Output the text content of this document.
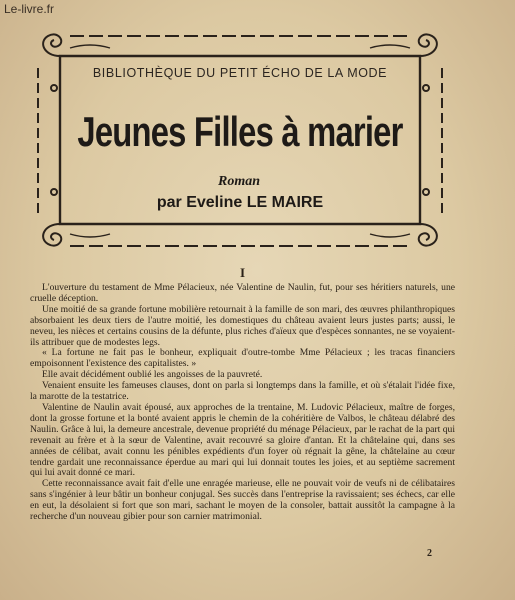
Le-livre.fr
BIBLIOTHÈQUE DU PETIT ÉCHO DE LA MODE
Jeunes Filles à marier
Roman
par Eveline LE MAIRE
I

L'ouverture du testament de Mme Pélacieux, née Valentine de Naulin, fut, pour ses héritiers naturels, une cruelle déception.

Une moitié de sa grande fortune mobilière retournait à la famille de son mari, des œuvres philanthropiques absorbaient les deux tiers de l'autre moitié, les domestiques du château avaient leurs justes parts; aussi, le neveu, les nièces et certains cousins de la défunte, plus riches d'aïeux que d'espèces sonnantes, ne se voyaient-ils attribuer que de modestes legs.

« La fortune ne fait pas le bonheur, expliquait d'outre-tombe Mme Pélacieux ; les tracas financiers empoisonnent l'existence des capitalistes. »

Elle avait décidément oublié les angoisses de la pauvreté.

Venaient ensuite les fameuses clauses, dont on parla si longtemps dans la famille, et où s'étalait l'idée fixe, la marotte de la testatrice.

Valentine de Naulin avait épousé, aux approches de la trentaine, M. Ludovic Pélacieux, maître de forges, dont la grosse fortune et la bonté avaient appris le chemin de la cohéritière de Valbos, le château délabré des Naulin. Grâce à lui, la demeure ancestrale, devenue propriété du ménage Pélacieux, par le rachat de la part qui revenait au frère et à la sœur de Valentine, avait recouvré sa gloire d'antan. Et la châtelaine qui, dans ses années de célibat, avait connu les pénibles expédients d'un foyer où régnait la gêne, la châtelaine au cœur tendre gardait une reconnaissance éperdue au mari qui lui donnait toutes les joies, et au septième sacrement qui lui avait donné ce mari.

Cette reconnaissance avait fait d'elle une enragée marieuse, elle ne pouvait voir de veufs ni de célibataires sans s'ingénier à leur bâtir un bonheur conjugal. Ses succès dans l'entreprise la ravissaient; ses échecs, car elle en eut, la désolaient si fort que son mari, sachant le moyen de la consoler, battait aussitôt la campagne à la recherche d'un nouveau gibier pour son carnier matrimonial.

2
